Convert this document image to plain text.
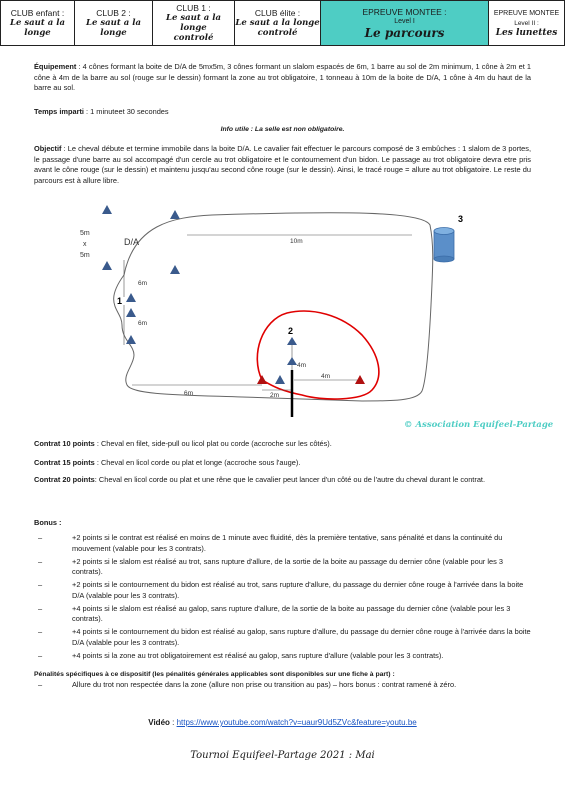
CLUB enfant :
Le saut a la longe
CLUB 2 :
Le saut a la longe
CLUB 1 :
Le saut a la longe
controlé
CLUB élite :
Le saut a la longe
controlé
EPREUVE MONTEE :
Level I
Le parcours
EPREUVE MONTEE
Level II :
Les lunettes

Équipement : 4 cônes formant la boite de D/A de 5mx5m, 3 cônes formant un slalom espacés de 6m, 1 barre au sol de 2m minimum, 1 cône à 2m et 1 cône à 4m de la barre au sol (rouge sur le dessin) formant la zone au trot obligatoire, 1 tonneau à 10m de la boite de D/A, 1 cône à 4m du haut de la barre au sol.

Temps imparti : 1 minuteet 30 secondes

Info utile : La selle est non obligatoire.

Objectif : Le cheval débute et termine immobile dans la boite D/A. Le cavalier fait effectuer le parcours composé de 3 embûches : 1 slalom de 3 portes, le passage d'une barre au sol accompagé d'un cercle au trot obligatoire et le contournement d'un bidon. Le passage au trot obligatoire devra etre pris avant le cône rouge (sur le dessin) et maintenu jusqu'au second cône rouge (sur le dessin). Ainsi, le tracé rouge = allure au trot obligatoire. Le reste du parcours est à allure libre.

5m
x
5m
D/A	10m
6m
6m
6m	2m
4m
4m
1
2
3
© Association Equifeel-Partage

Contrat 10 points : Cheval en filet, side-pull ou licol plat ou corde (accroche sur les côtés).

Contrat 15 points : Cheval en licol corde ou plat et longe (accroche sous l'auge).

Contrat 20 points: Cheval en licol corde ou plat et une rêne que le cavalier peut lancer d'un côté ou de l'autre du cheval durant le contrat.

Bonus :

–	+2 points si le contrat est réalisé en moins de 1 minute avec fluidité, dès la première tentative, sans pénalité et dans la continuité du mouvement (valable pour les 3 contrats).
–	+2 points si le slalom est réalisé au trot, sans rupture d'allure, de la sortie de la boite au passage du dernier cône (valable pour les 3 contrats).
–	+2 points si le contournement du bidon est réalisé au trot, sans rupture d'allure, du passage du dernier cône rouge à l'arrivée dans la boite D/A (valable pour les 3 contrats).
–	+4 points si le slalom est réalisé au galop, sans rupture d'allure, de la sortie de la boite au passage du dernier cône (valable pour les 3 contrats).
–	+4 points si le contournement du bidon est réalisé au galop, sans rupture d'allure, du passage du dernier cône rouge à l'arrivée dans la boite D/A (valable pour les 3 contrats).
–	+4 points si la zone au trot obligatoirement est réalisé au galop, sans rupture d'allure (valable pour les 3 contrats).
Pénalités spécifiques à ce dispositif (les pénalités générales applicables sont disponibles sur une fiche à part) :
–	Allure du trot non respectée dans la zone (allure non prise ou transition au pas) – hors bonus : contrat ramené à zéro.
Vidéo : https://www.youtube.com/watch?v=uaur9Ud5ZVc&feature=youtu.be
Tournoi Equifeel-Partage 2021 : Mai
